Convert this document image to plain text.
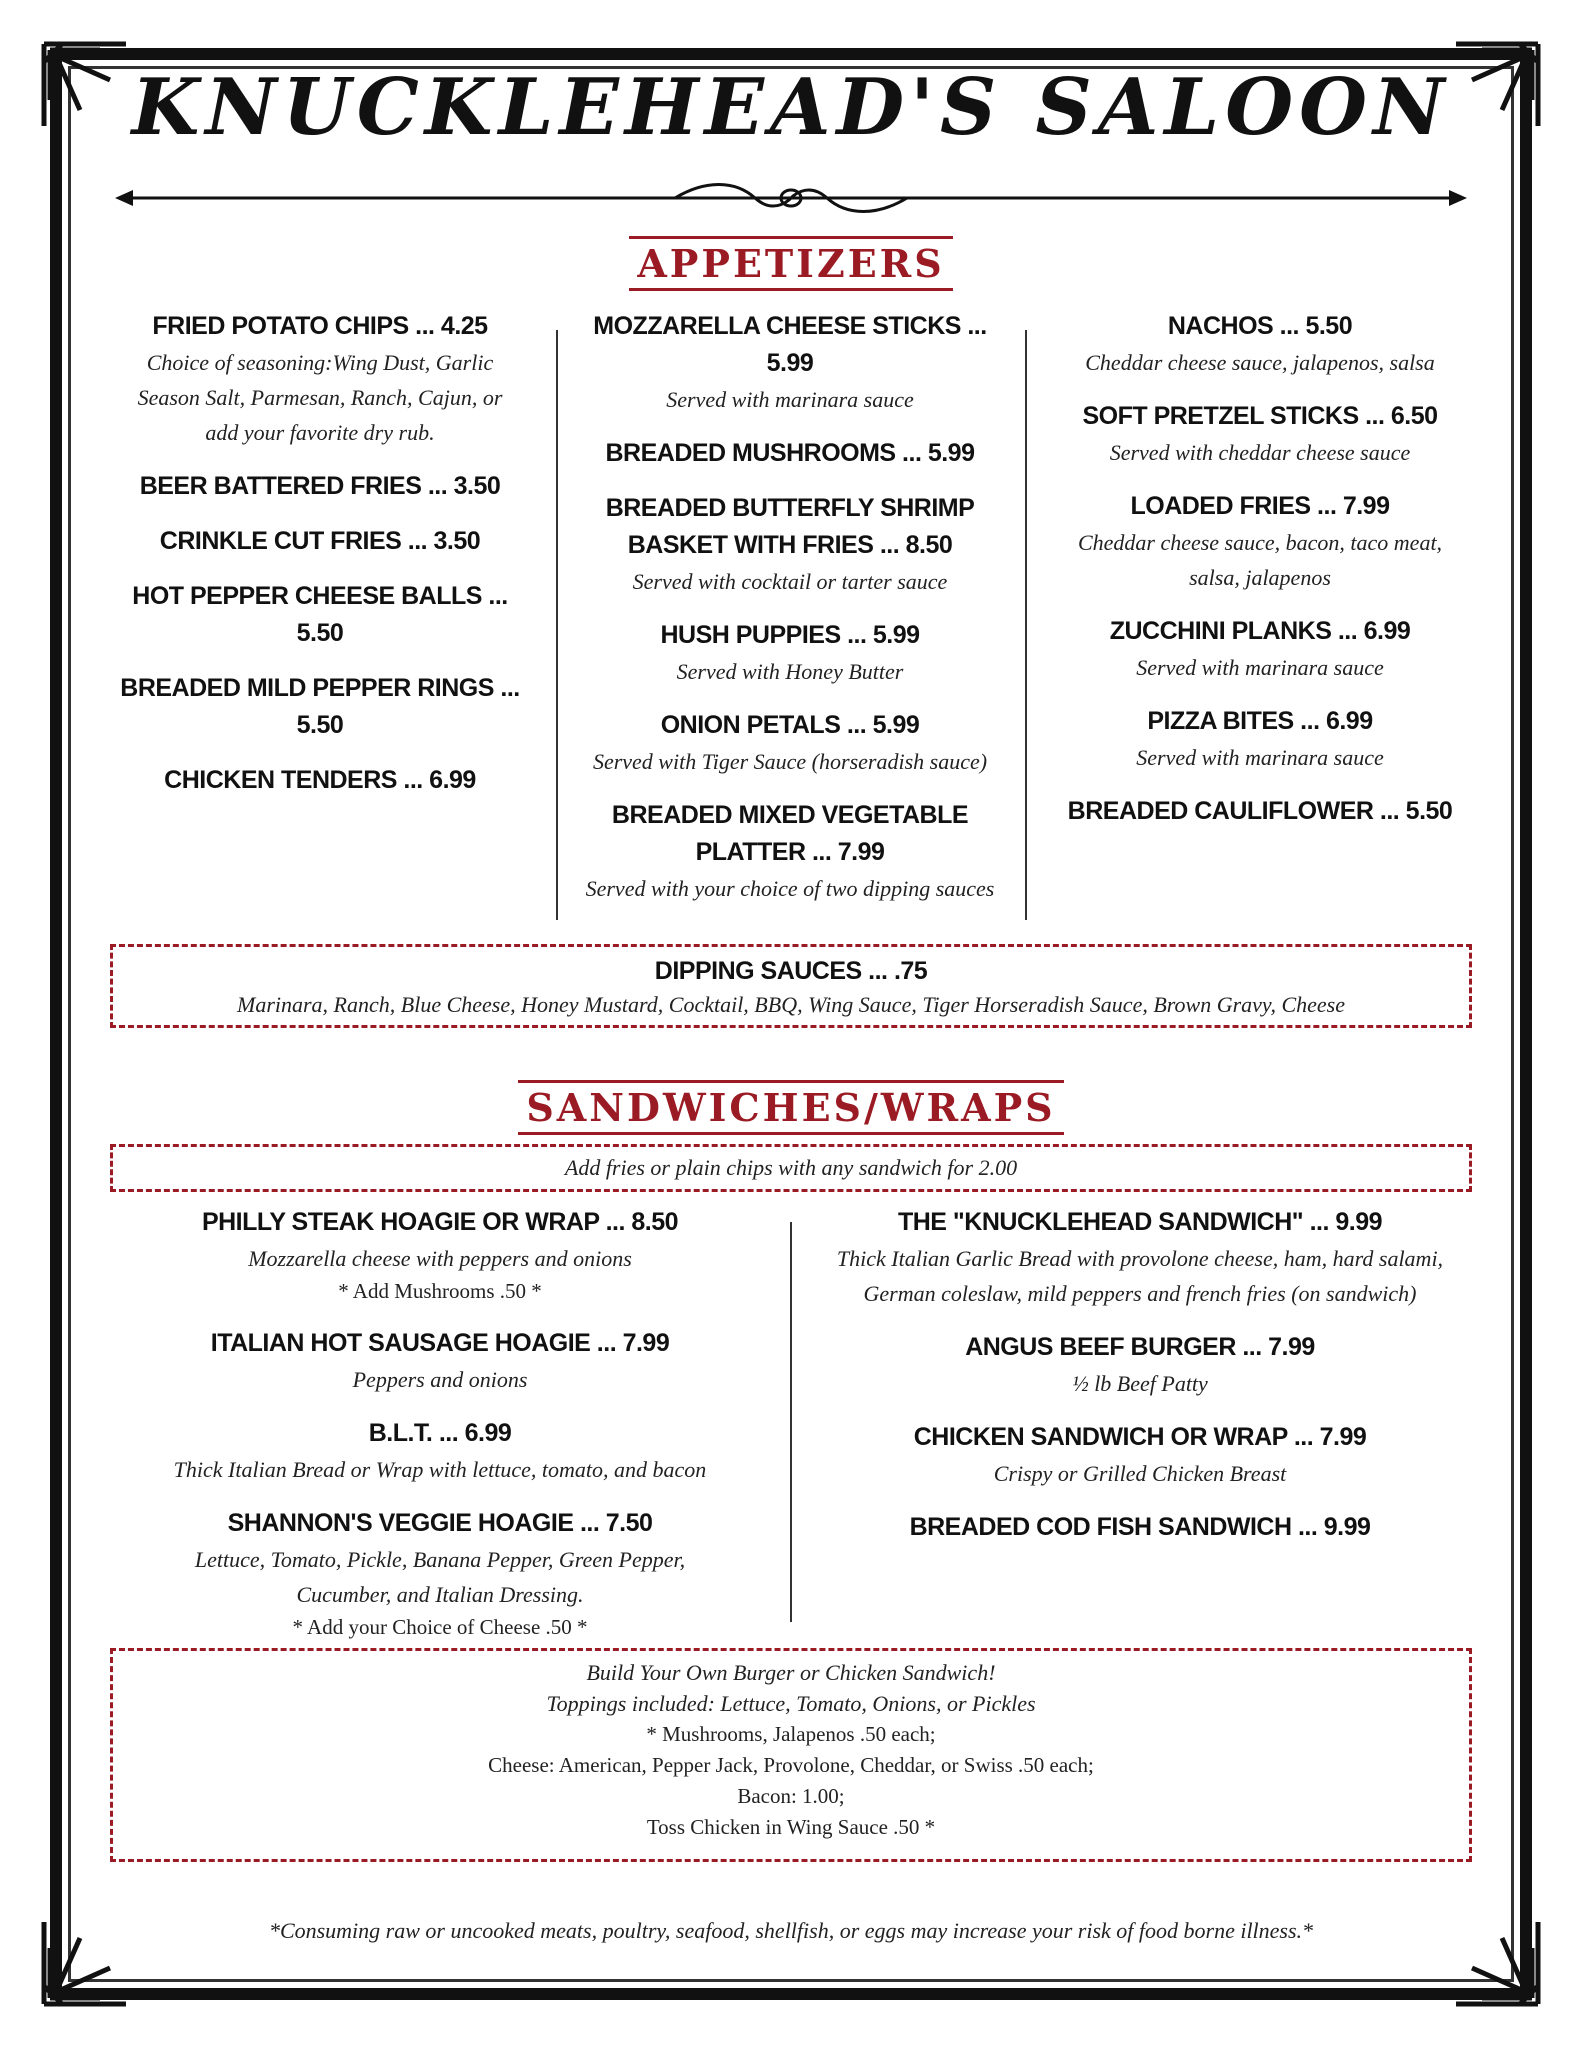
KNUCKLEHEAD'S SALOON
APPETIZERS
FRIED POTATO CHIPS ... 4.25
Choice of seasoning:Wing Dust, Garlic Season Salt, Parmesan, Ranch, Cajun, or add your favorite dry rub.
BEER BATTERED FRIES ... 3.50
CRINKLE CUT FRIES ... 3.50
HOT PEPPER CHEESE BALLS ... 5.50
BREADED MILD PEPPER RINGS ... 5.50
CHICKEN TENDERS ... 6.99
MOZZARELLA CHEESE STICKS ... 5.99
Served with marinara sauce
BREADED MUSHROOMS ... 5.99
BREADED BUTTERFLY SHRIMP BASKET WITH FRIES ... 8.50
Served with cocktail or tarter sauce
HUSH PUPPIES ... 5.99
Served with Honey Butter
ONION PETALS ... 5.99
Served with Tiger Sauce (horseradish sauce)
BREADED MIXED VEGETABLE PLATTER ... 7.99
Served with your choice of two dipping sauces
NACHOS ... 5.50
Cheddar cheese sauce, jalapenos, salsa
SOFT PRETZEL STICKS ... 6.50
Served with cheddar cheese sauce
LOADED FRIES ... 7.99
Cheddar cheese sauce, bacon, taco meat, salsa, jalapenos
ZUCCHINI PLANKS ... 6.99
Served with marinara sauce
PIZZA BITES ... 6.99
Served with marinara sauce
BREADED CAULIFLOWER ... 5.50
DIPPING SAUCES ... .75
Marinara, Ranch, Blue Cheese, Honey Mustard, Cocktail, BBQ, Wing Sauce, Tiger Horseradish Sauce, Brown Gravy, Cheese
SANDWICHES/WRAPS
Add fries or plain chips with any sandwich for 2.00
PHILLY STEAK HOAGIE OR WRAP ... 8.50
Mozzarella cheese with peppers and onions
* Add Mushrooms .50 *
ITALIAN HOT SAUSAGE HOAGIE ... 7.99
Peppers and onions
B.L.T. ... 6.99
Thick Italian Bread or Wrap with lettuce, tomato, and bacon
SHANNON'S VEGGIE HOAGIE ... 7.50
Lettuce, Tomato, Pickle, Banana Pepper, Green Pepper, Cucumber, and Italian Dressing.
* Add your Choice of Cheese .50 *
THE "KNUCKLEHEAD SANDWICH" ... 9.99
Thick Italian Garlic Bread with provolone cheese, ham, hard salami, German coleslaw, mild peppers and french fries (on sandwich)
ANGUS BEEF BURGER ... 7.99
½ lb Beef Patty
CHICKEN SANDWICH OR WRAP ... 7.99
Crispy or Grilled Chicken Breast
BREADED COD FISH SANDWICH ... 9.99
Build Your Own Burger or Chicken Sandwich!
Toppings included: Lettuce, Tomato, Onions, or Pickles
* Mushrooms, Jalapenos .50 each;
Cheese: American, Pepper Jack, Provolone, Cheddar, or Swiss .50 each;
Bacon: 1.00;
Toss Chicken in Wing Sauce .50 *
*Consuming raw or uncooked meats, poultry, seafood, shellfish, or eggs may increase your risk of food borne illness.*
